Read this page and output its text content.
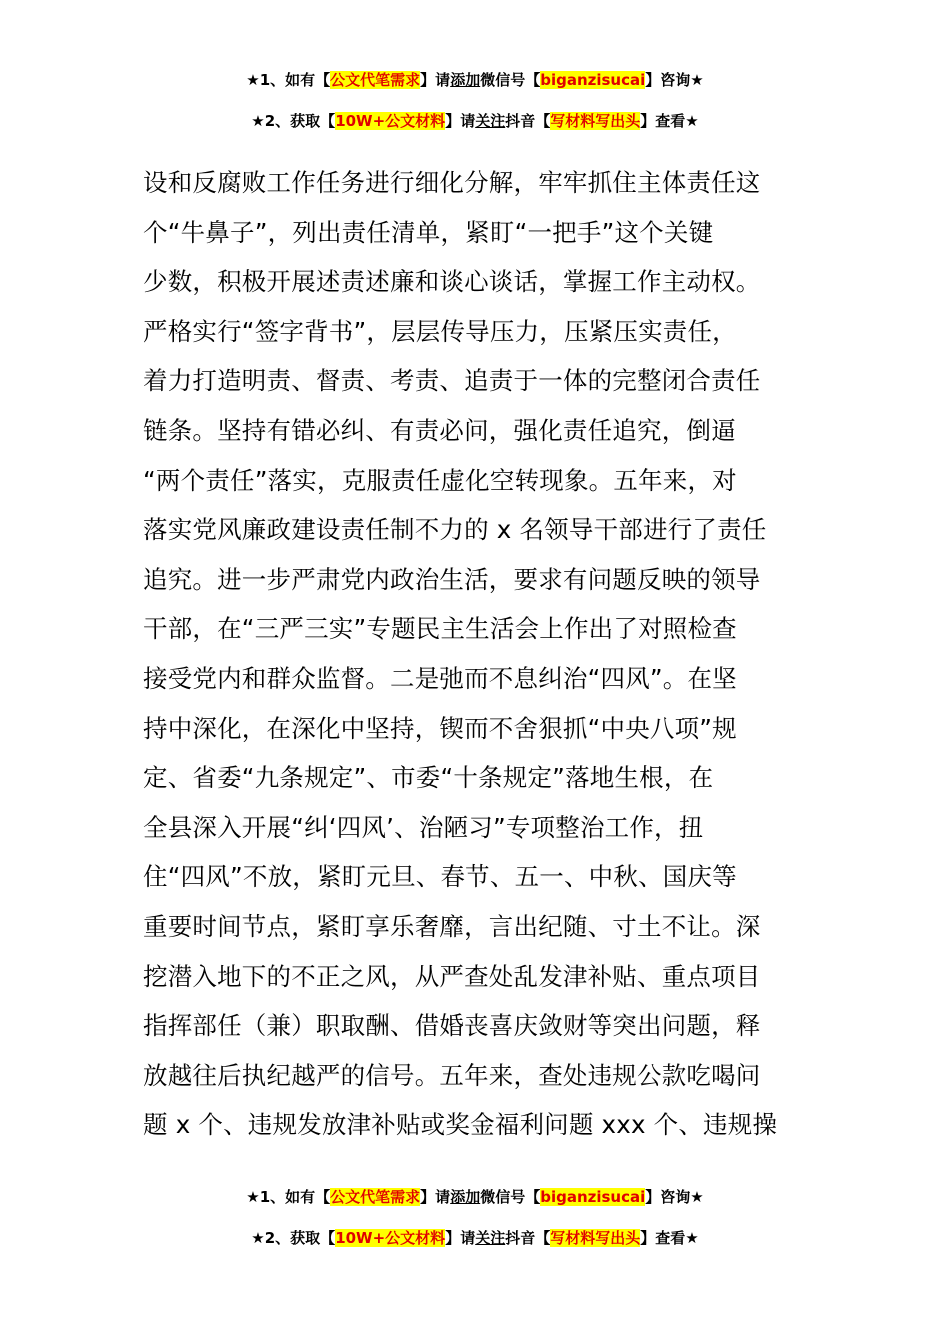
★1、如有【公文代笔需求】请添加微信号【biganzisucai】咨询★
★2、获取【10W+公文材料】请关注抖音【写材料写出头】查看★
设和反腐败工作任务进行细化分解，牢牢抓住主体责任这
个“牛鼻子”，列出责任清单，紧盯“一把手”这个关键
少数，积极开展述责述廉和谈心谈话，掌握工作主动权。
严格实行“签字背书”，层层传导压力，压紧压实责任，
着力打造明责、督责、考责、追责于一体的完整闭合责任
链条。坚持有错必纠、有责必问，强化责任追究，倒逼
“两个责任”落实，克服责任虚化空转现象。五年来，对
落实党风廉政建设责任制不力的 x 名领导干部进行了责任
追究。进一步严肃党内政治生活，要求有问题反映的领导
干部，在“三严三实”专题民主生活会上作出了对照检查
接受党内和群众监督。二是弛而不息纠治“四风”。在坚
持中深化，在深化中坚持，锲而不舍狠抓“中央八项”规
定、省委“九条规定”、市委“十条规定”落地生根，在
全县深入开展“纠‘四风’、治陋习”专项整治工作，扭
住“四风”不放，紧盯元旦、春节、五一、中秋、国庆等
重要时间节点，紧盯享乐奢靡，言出纪随、寸土不让。深
挖潜入地下的不正之风，从严查处乱发津补贴、重点项目
指挥部任（兼）职取酬、借婚丧喜庆敛财等突出问题，释
放越往后执纪越严的信号。五年来，查处违规公款吃喝问
题 x 个、违规发放津补贴或奖金福利问题 xxx 个、违规操
★1、如有【公文代笔需求】请添加微信号【biganzisucai】咨询★
★2、获取【10W+公文材料】请关注抖音【写材料写出头】查看★
